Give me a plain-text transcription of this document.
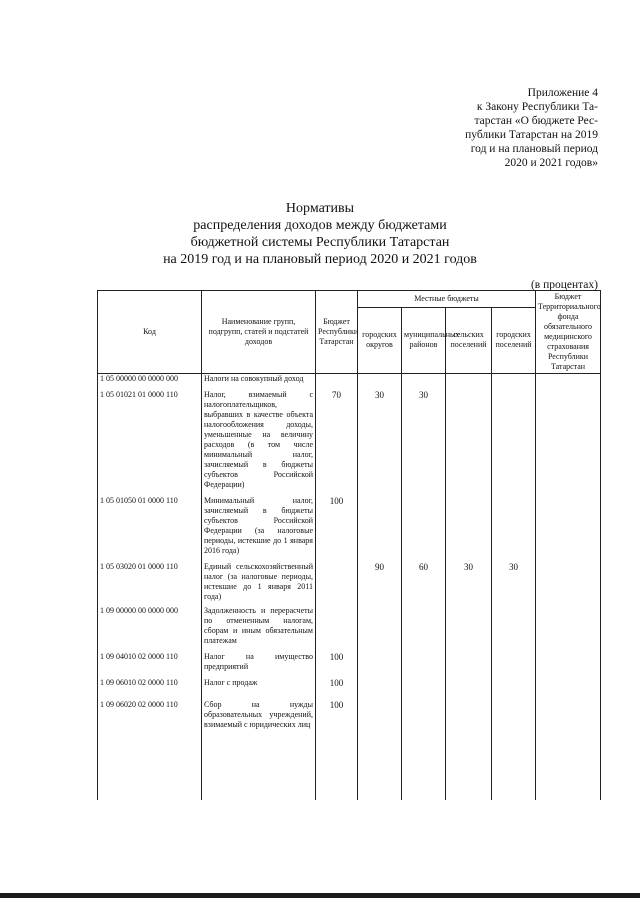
Приложение 4
к Закону Республики Та-
тарстан «О бюджете Рес-
публики Татарстан на 2019
год и на плановый период
2020 и 2021 годов»
Нормативы
распределения доходов между бюджетами
бюджетной системы Республики Татарстан
на 2019 год и на плановый период 2020 и 2021 годов
(в процентах)
Код	Наименование групп, подгрупп, статей и подстатей доходов	Бюджет Республики Татарстан	Местные бюджеты				Бюджет Территориального фонда обязательного медицинского страхования Республики Татарстан
			городских округов	муниципальных районов	сельских поселений	городских поселений	
1 05 00000 00 0000 000	Налоги на совокупный доход						
1 05 01021 01 0000 110	Налог, взимаемый с налогоплательщиков, выбравших в качестве объекта налогообложения доходы, уменьшенные на величину расходов (в том числе минимальный налог, зачисляемый в бюджеты субъектов Российской Федерации)	70	30	30			
1 05 01050 01 0000 110	Минимальный налог, зачисляемый в бюджеты субъектов Российской Федерации (за налоговые периоды, истекшие до 1 января 2016 года)	100					
1 05 03020 01 0000 110	Единый сельскохозяйственный налог (за налоговые периоды, истекшие до 1 января 2011 года)		90	60	30	30	
1 09 00000 00 0000 000	Задолженность и перерасчеты по отмененным налогам, сборам и иным обязательным платежам						
1 09 04010 02 0000 110	Налог на имущество предприятий	100					
1 09 06010 02 0000 110	Налог с продаж	100					
1 09 06020 02 0000 110	Сбор на нужды образовательных учреждений, взимаемый с юридических лиц	100					
